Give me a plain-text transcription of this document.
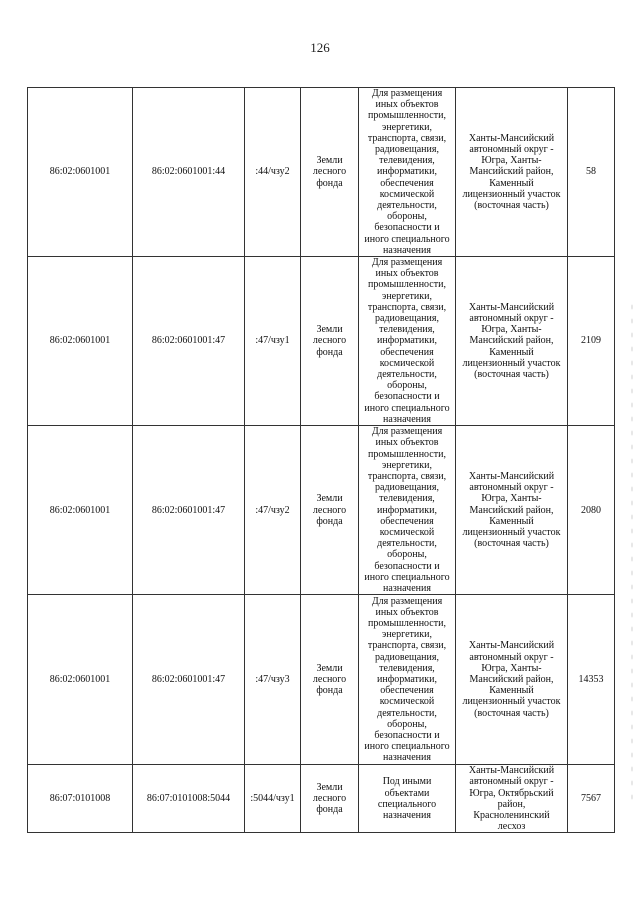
126
86:02:0601001	86:02:0601001:44	:44/чзу2	Земли лесного фонда	Для размещения иных объектов промышленности, энергетики, транспорта, связи, радиовещания, телевидения, информатики, обеспечения космической деятельности, обороны, безопасности и иного специального назначения	Ханты-Мансийский автономный округ - Югра, Ханты-Мансийский район, Каменный лицензионный участок (восточная часть)	58
86:02:0601001	86:02:0601001:47	:47/чзу1	Земли лесного фонда	Для размещения иных объектов промышленности, энергетики, транспорта, связи, радиовещания, телевидения, информатики, обеспечения космической деятельности, обороны, безопасности и иного специального назначения	Ханты-Мансийский автономный округ - Югра, Ханты-Мансийский район, Каменный лицензионный участок (восточная часть)	2109
86:02:0601001	86:02:0601001:47	:47/чзу2	Земли лесного фонда	Для размещения иных объектов промышленности, энергетики, транспорта, связи, радиовещания, телевидения, информатики, обеспечения космической деятельности, обороны, безопасности и иного специального назначения	Ханты-Мансийский автономный округ - Югра, Ханты-Мансийский район, Каменный лицензионный участок (восточная часть)	2080
86:02:0601001	86:02:0601001:47	:47/чзу3	Земли лесного фонда	Для размещения иных объектов промышленности, энергетики, транспорта, связи, радиовещания, телевидения, информатики, обеспечения космической деятельности, обороны, безопасности и иного специального назначения	Ханты-Мансийский автономный округ - Югра, Ханты-Мансийский район, Каменный лицензионный участок (восточная часть)	14353
86:07:0101008	86:07:0101008:5044	:5044/чзу1	Земли лесного фонда	Под иными объектами специального назначения	Ханты-Мансийский автономный округ - Югра, Октябрьский район, Красноленинский лесхоз	7567
